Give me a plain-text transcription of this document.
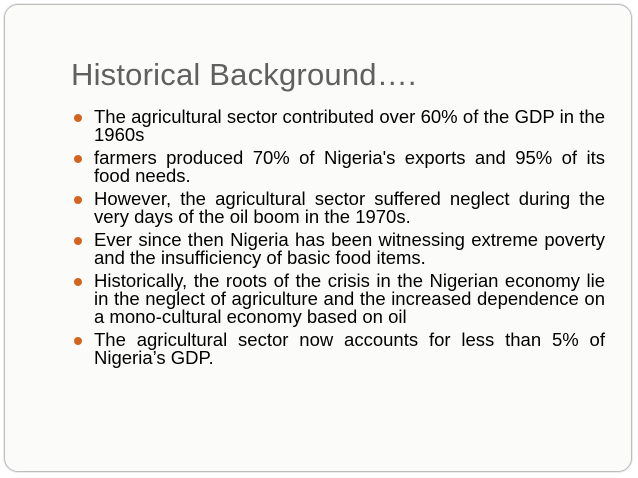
Historical Background….
The agricultural sector contributed over 60% of the GDP in the 1960s
farmers produced 70% of Nigeria's exports and 95% of its food needs.
However, the agricultural sector suffered neglect during the very days of the oil boom in the 1970s.
Ever since then Nigeria has been witnessing extreme poverty and the insufficiency of basic food items.
Historically, the roots of the crisis in the Nigerian economy lie in the neglect of agriculture and the increased dependence on a mono-cultural economy based on oil
The agricultural sector now accounts for less than 5% of Nigeria’s GDP.
